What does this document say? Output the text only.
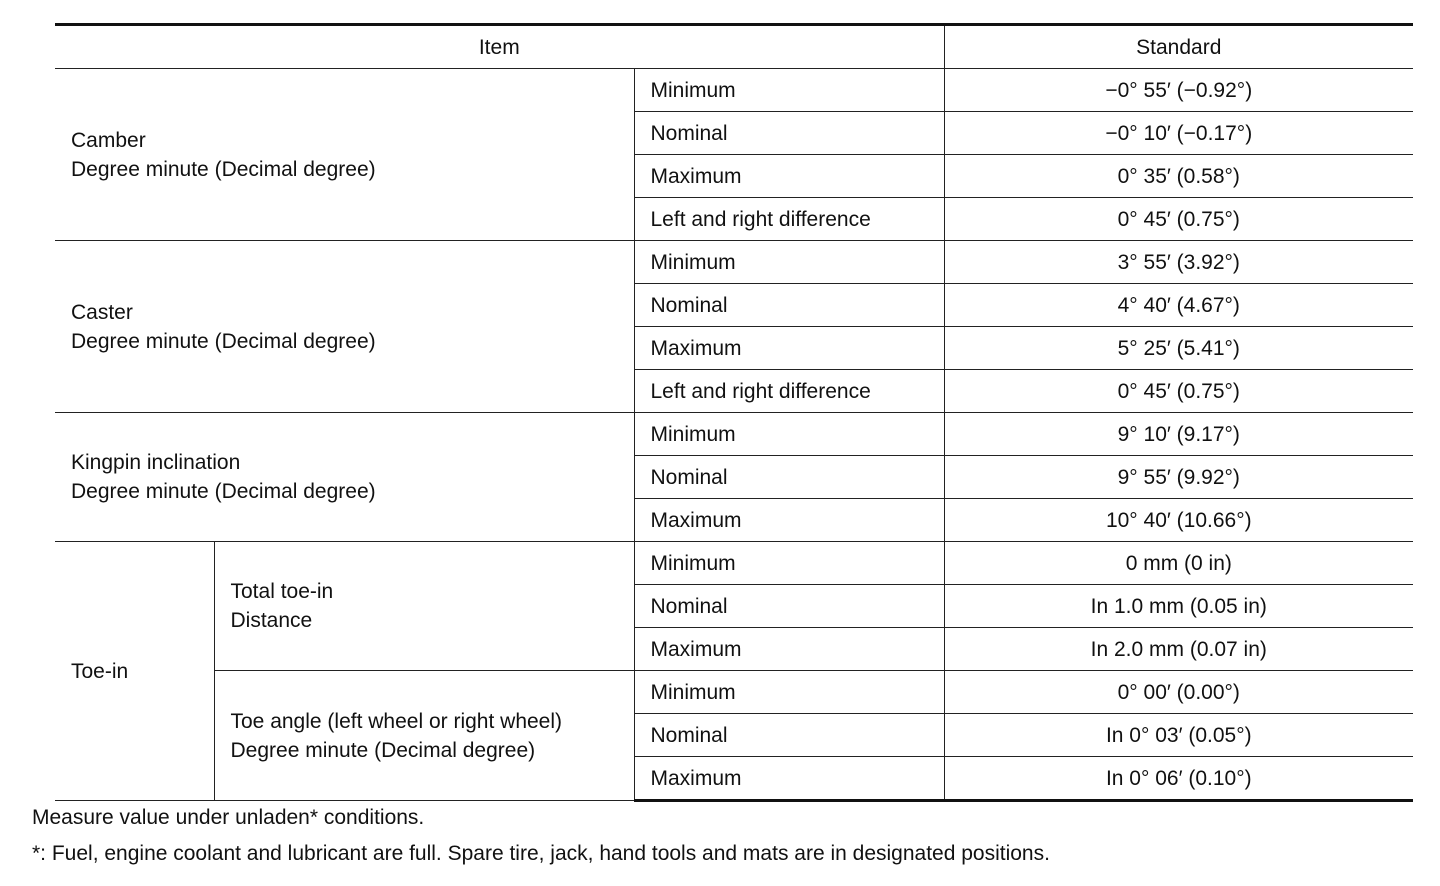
Item			Standard

Camber
Degree minute (Decimal degree)		Minimum	−0° 55′ (−0.92°)
		Nominal	−0° 10′ (−0.17°)
		Maximum	0° 35′ (0.58°)
		Left and right difference	0° 45′ (0.75°)

Caster
Degree minute (Decimal degree)		Minimum	3° 55′ (3.92°)
		Nominal	4° 40′ (4.67°)
		Maximum	5° 25′ (5.41°)
		Left and right difference	0° 45′ (0.75°)

Kingpin inclination
Degree minute (Decimal degree)		Minimum	9° 10′ (9.17°)
		Nominal	9° 55′ (9.92°)
		Maximum	10° 40′ (10.66°)

Toe-in	Total toe-in
Distance	Minimum	0 mm (0 in)
		Nominal	In 1.0 mm (0.05 in)
		Maximum	In 2.0 mm (0.07 in)

	Toe angle (left wheel or right wheel)
Degree minute (Decimal degree)	Minimum	0° 00′ (0.00°)
		Nominal	In 0° 03′ (0.05°)
		Maximum	In 0° 06′ (0.10°)

Measure value under unladen* conditions.

*: Fuel, engine coolant and lubricant are full. Spare tire, jack, hand tools and mats are in designated positions.
